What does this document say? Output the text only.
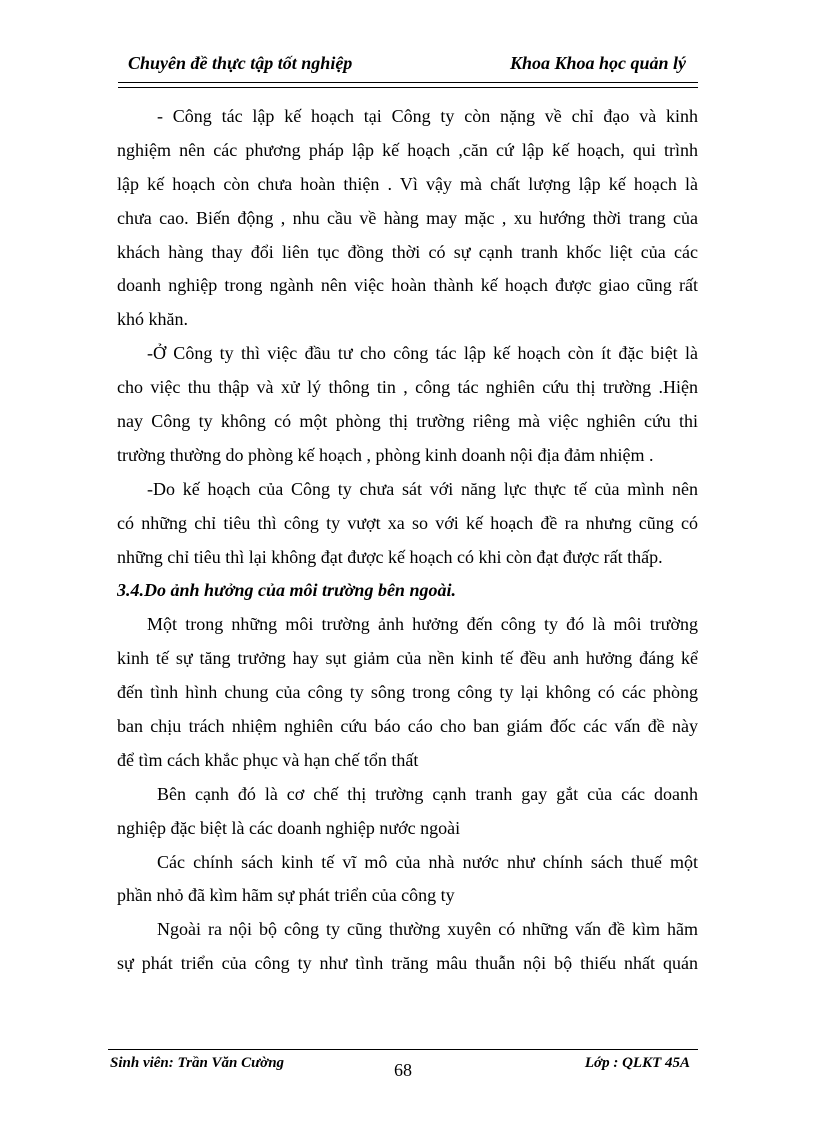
Chuyên đề thực tập tốt nghiệp	Khoa Khoa học quản lý
- Công tác lập kế hoạch tại Công ty còn nặng về chỉ đạo và kinh
nghiệm nên các phương pháp lập kế hoạch ,căn cứ lập kế hoạch, qui trình
lập kế hoạch còn chưa hoàn thiện . Vì vậy mà chất lượng lập kế hoạch là
chưa cao. Biến động , nhu cầu về hàng may mặc , xu hướng thời trang của
khách hàng thay đổi liên tục đồng thời có sự cạnh tranh khốc liệt của các
doanh nghiệp trong ngành nên việc hoàn thành kế hoạch được giao cũng rất
khó khăn.
-Ở Công ty thì việc đầu tư cho công tác lập kế hoạch còn ít đặc biệt là
cho việc thu thập và xử lý thông tin , công tác nghiên cứu thị trường .Hiện
nay Công ty không có một phòng thị trường riêng mà việc nghiên cứu thi
trường thường do phòng kế hoạch , phòng kinh doanh nội địa đảm nhiệm .
-Do kế hoạch của Công ty chưa sát với năng lực thực tế của mình nên
có những chỉ tiêu thì công ty vượt xa so với kế hoạch đề ra nhưng cũng có
những chỉ tiêu thì lại không đạt được kế hoạch có khi còn đạt được rất thấp.
3.4.Do ảnh hưởng của môi trường bên ngoài.
Một trong những môi trường ảnh hưởng đến công ty đó là môi trường
kinh tế sự tăng trưởng hay sụt giảm của nền kinh tế đều anh hưởng đáng kể
đến tình hình chung của công ty sông trong công ty lại không có các phòng
ban chịu trách nhiệm nghiên cứu báo cáo cho ban giám đốc các vấn đề này
để tìm cách khắc phục và hạn chế tổn thất
Bên cạnh đó là cơ chế thị trường cạnh tranh gay gắt của các doanh
nghiệp đặc biệt là các doanh nghiệp nước ngoài
Các chính sách kinh tế vĩ mô của nhà nước như chính sách thuế một
phần nhỏ đã kìm hãm sự phát triển của công ty
Ngoài ra nội bộ công ty cũng thường xuyên có những vấn đề kìm hãm
sự phát triển của công ty như tình trăng mâu thuẫn nội bộ thiếu nhất quán
Sinh viên: Trần Văn Cường	68	Lớp : QLKT 45A
